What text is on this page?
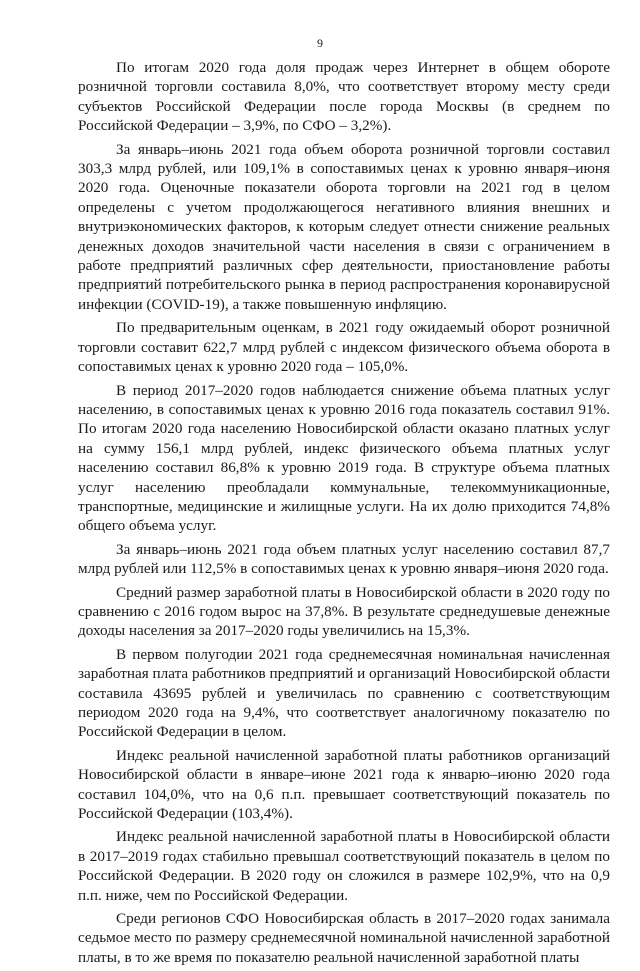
9

По итогам 2020 года доля продаж через Интернет в общем обороте розничной торговли составила 8,0%, что соответствует второму месту среди субъектов Российской Федерации после города Москвы (в среднем по Российской Федерации – 3,9%, по СФО – 3,2%).

За январь–июнь 2021 года объем оборота розничной торговли составил 303,3 млрд рублей, или 109,1% в сопоставимых ценах к уровню января–июня 2020 года. Оценочные показатели оборота торговли на 2021 год в целом определены с учетом продолжающегося негативного влияния внешних и внутриэкономических факторов, к которым следует отнести снижение реальных денежных доходов значительной части населения в связи с ограничением в работе предприятий различных сфер деятельности, приостановление работы предприятий потребительского рынка в период распространения коронавирусной инфекции (COVID-19), а также повышенную инфляцию.

По предварительным оценкам, в 2021 году ожидаемый оборот розничной торговли составит 622,7 млрд рублей с индексом физического объема оборота в сопоставимых ценах к уровню 2020 года – 105,0%.

В период 2017–2020 годов наблюдается снижение объема платных услуг населению, в сопоставимых ценах к уровню 2016 года показатель составил 91%. По итогам 2020 года населению Новосибирской области оказано платных услуг на сумму 156,1 млрд рублей, индекс физического объема платных услуг населению составил 86,8% к уровню 2019 года. В структуре объема платных услуг населению преобладали коммунальные, телекоммуникационные, транспортные, медицинские и жилищные услуги. На их долю приходится 74,8% общего объема услуг.

За январь–июнь 2021 года объем платных услуг населению составил 87,7 млрд рублей или 112,5% в сопоставимых ценах к уровню января–июня 2020 года.

Средний размер заработной платы в Новосибирской области в 2020 году по сравнению с 2016 годом вырос на 37,8%. В результате среднедушевые денежные доходы населения за 2017–2020 годы увеличились на 15,3%.

В первом полугодии 2021 года среднемесячная номинальная начисленная заработная плата работников предприятий и организаций Новосибирской области составила 43695 рублей и увеличилась по сравнению с соответствующим периодом 2020 года на 9,4%, что соответствует аналогичному показателю по Российской Федерации в целом.

Индекс реальной начисленной заработной платы работников организаций Новосибирской области в январе–июне 2021 года к январю–июню 2020 года составил 104,0%, что на 0,6 п.п. превышает соответствующий показатель по Российской Федерации (103,4%).

Индекс реальной начисленной заработной платы в Новосибирской области в 2017–2019 годах стабильно превышал соответствующий показатель в целом по Российской Федерации. В 2020 году он сложился в размере 102,9%, что на 0,9 п.п. ниже, чем по Российской Федерации.

Среди регионов СФО Новосибирская область в 2017–2020 годах занимала седьмое место по размеру среднемесячной номинальной начисленной заработной платы, в то же время по показателю реальной начисленной заработной платы
